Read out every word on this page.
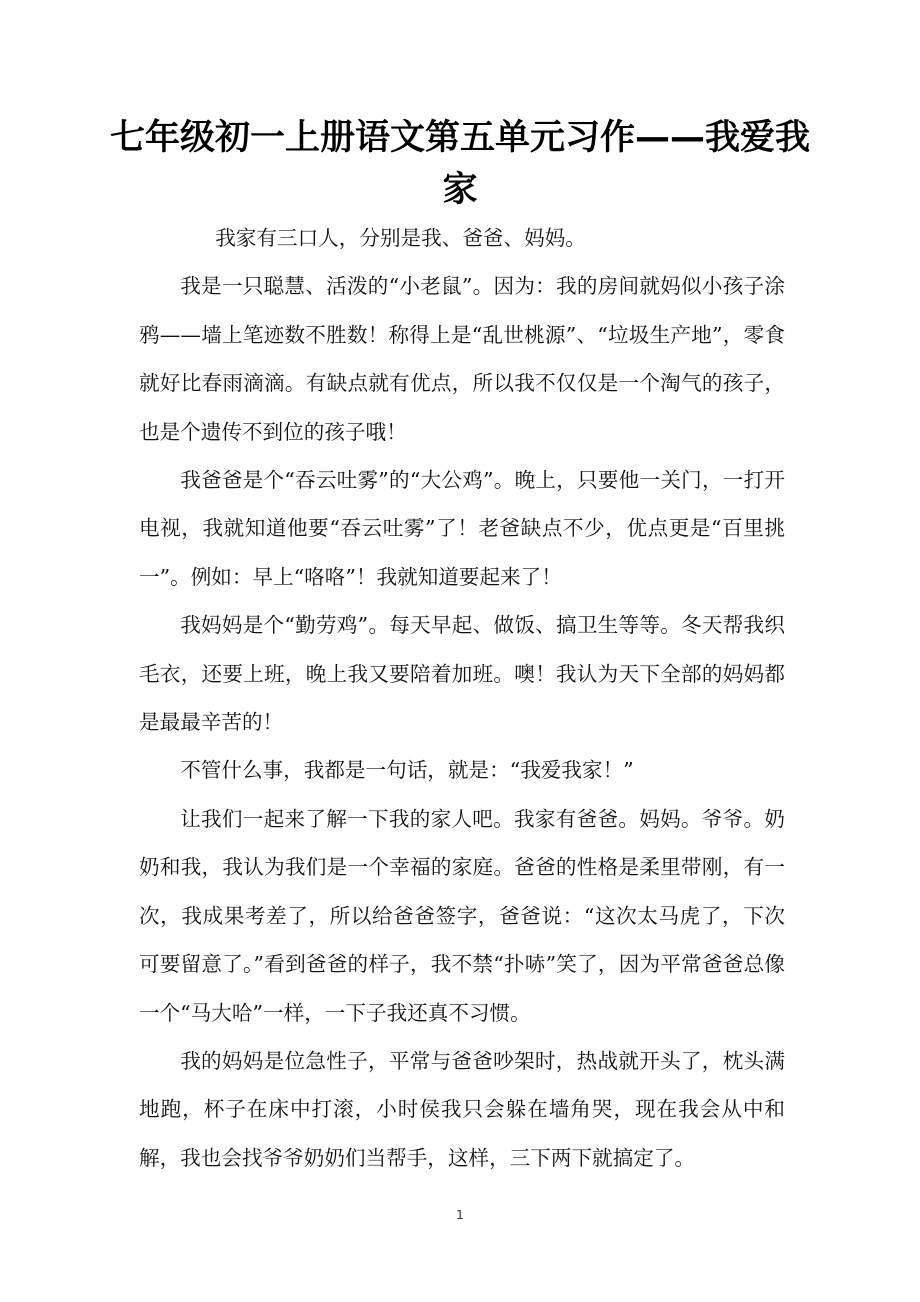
七年级初一上册语文第五单元习作——我爱我家

我家有三口人，分别是我、爸爸、妈妈。

我是一只聪慧、活泼的“小老鼠”。因为：我的房间就妈似小孩子涂鸦——墙上笔迹数不胜数！称得上是“乱世桃源”、“垃圾生产地”，零食就好比春雨滴滴。有缺点就有优点，所以我不仅仅是一个淘气的孩子，也是个遗传不到位的孩子哦！

我爸爸是个“吞云吐雾”的“大公鸡”。晚上，只要他一关门，一打开电视，我就知道他要“吞云吐雾”了！老爸缺点不少，优点更是“百里挑一”。例如：早上“咯咯”！我就知道要起来了！

我妈妈是个“勤劳鸡”。每天早起、做饭、搞卫生等等。冬天帮我织毛衣，还要上班，晚上我又要陪着加班。噢！我认为天下全部的妈妈都是最最辛苦的！

不管什么事，我都是一句话，就是：“我爱我家！”

让我们一起来了解一下我的家人吧。我家有爸爸。妈妈。爷爷。奶奶和我，我认为我们是一个幸福的家庭。爸爸的性格是柔里带刚，有一次，我成果考差了，所以给爸爸签字，爸爸说：“这次太马虎了，下次可要留意了。”看到爸爸的样子，我不禁“扑哧”笑了，因为平常爸爸总像一个“马大哈”一样，一下子我还真不习惯。

我的妈妈是位急性子，平常与爸爸吵架时，热战就开头了，枕头满地跑，杯子在床中打滚，小时侯我只会躲在墙角哭，现在我会从中和解，我也会找爷爷奶奶们当帮手，这样，三下两下就搞定了。

1
